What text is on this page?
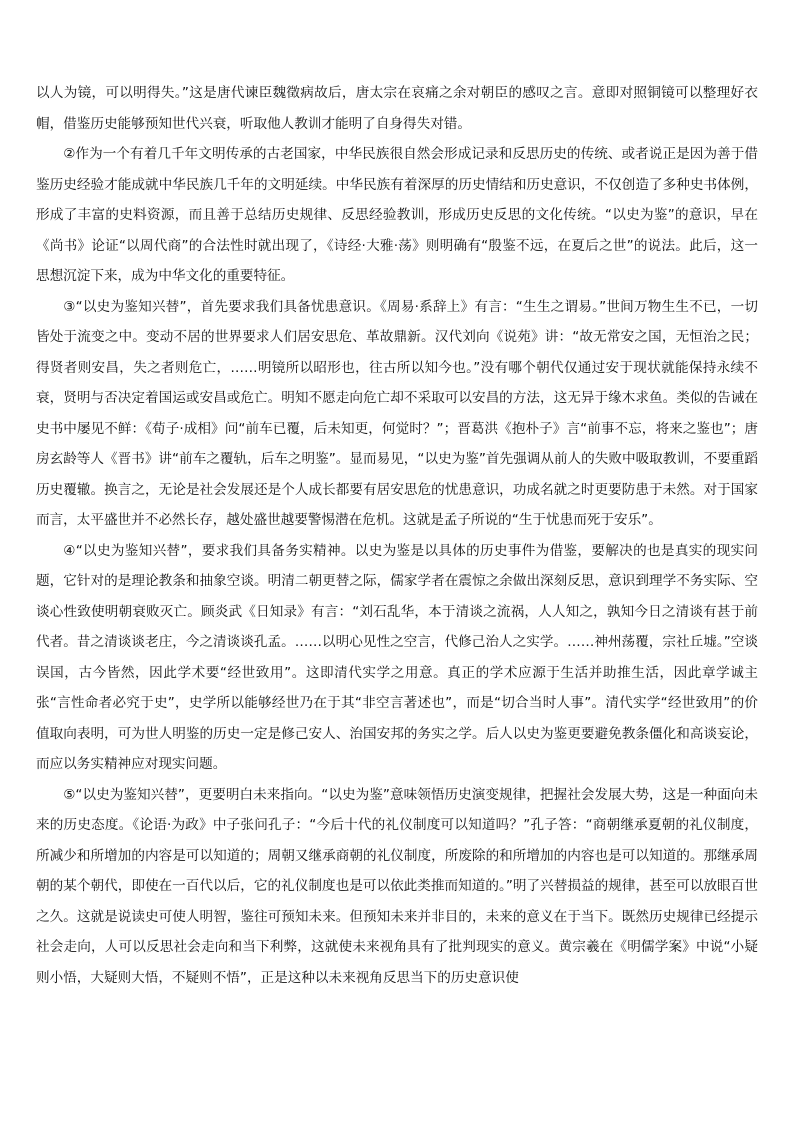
以人为镜，可以明得失。”这是唐代谏臣魏徵病故后，唐太宗在哀痛之余对朝臣的感叹之言。意即对照铜镜可以整理好衣帽，借鉴历史能够预知世代兴衰，听取他人教训才能明了自身得失对错。

②作为一个有着几千年文明传承的古老国家，中华民族很自然会形成记录和反思历史的传统、或者说正是因为善于借鉴历史经验才能成就中华民族几千年的文明延续。中华民族有着深厚的历史情结和历史意识，不仅创造了多种史书体例，形成了丰富的史料资源，而且善于总结历史规律、反思经验教训，形成历史反思的文化传统。“以史为鉴”的意识，早在《尚书》论证“以周代商”的合法性时就出现了，《诗经·大雅·荡》则明确有“殷鉴不远，在夏后之世”的说法。此后，这一思想沉淀下来，成为中华文化的重要特征。

③“以史为鉴知兴替”，首先要求我们具备忧患意识。《周易·系辞上》有言：“生生之谓易。”世间万物生生不已，一切皆处于流变之中。变动不居的世界要求人们居安思危、革故鼎新。汉代刘向《说苑》讲：“故无常安之国，无恒治之民；得贤者则安昌，失之者则危亡，……明镜所以昭形也，往古所以知今也。”没有哪个朝代仅通过安于现状就能保持永续不衰，贤明与否决定着国运或安昌或危亡。明知不愿走向危亡却不采取可以安昌的方法，这无异于缘木求鱼。类似的告诫在史书中屡见不鲜：《荀子·成相》问“前车已覆，后未知更，何觉时？”；晋葛洪《抱朴子》言“前事不忘，将来之鉴也”；唐房玄龄等人《晋书》讲“前车之覆轨，后车之明鉴”。显而易见，“以史为鉴”首先强调从前人的失败中吸取教训，不要重蹈历史覆辙。换言之，无论是社会发展还是个人成长都要有居安思危的忧患意识，功成名就之时更要防患于未然。对于国家而言，太平盛世并不必然长存，越处盛世越要警惕潜在危机。这就是孟子所说的“生于忧患而死于安乐”。

④“以史为鉴知兴替”，要求我们具备务实精神。以史为鉴是以具体的历史事件为借鉴，要解决的也是真实的现实问题，它针对的是理论教条和抽象空谈。明清二朝更替之际，儒家学者在震惊之余做出深刻反思，意识到理学不务实际、空谈心性致使明朝衰败灭亡。顾炎武《日知录》有言：“刘石乱华，本于清谈之流祸，人人知之，孰知今日之清谈有甚于前代者。昔之清谈谈老庄，今之清谈谈孔孟。……以明心见性之空言，代修己治人之实学。……神州荡覆，宗社丘墟。”空谈误国，古今皆然，因此学术要“经世致用”。这即清代实学之用意。真正的学术应源于生活并助推生活，因此章学诚主张“言性命者必究于史”，史学所以能够经世乃在于其“非空言著述也”，而是“切合当时人事”。清代实学“经世致用”的价值取向表明，可为世人明鉴的历史一定是修己安人、治国安邦的务实之学。后人以史为鉴更要避免教条僵化和高谈妄论，而应以务实精神应对现实问题。

⑤“以史为鉴知兴替”，更要明白未来指向。“以史为鉴”意味领悟历史演变规律，把握社会发展大势，这是一种面向未来的历史态度。《论语·为政》中子张问孔子：“今后十代的礼仪制度可以知道吗？”孔子答：“商朝继承夏朝的礼仪制度，所减少和所增加的内容是可以知道的；周朝又继承商朝的礼仪制度，所废除的和所增加的内容也是可以知道的。那继承周朝的某个朝代，即使在一百代以后，它的礼仪制度也是可以依此类推而知道的。”明了兴替损益的规律，甚至可以放眼百世之久。这就是说读史可使人明智，鉴往可预知未来。但预知未来并非目的，未来的意义在于当下。既然历史规律已经提示社会走向，人可以反思社会走向和当下利弊，这就使未来视角具有了批判现实的意义。黄宗羲在《明儒学案》中说“小疑则小悟，大疑则大悟，不疑则不悟”，正是这种以未来视角反思当下的历史意识使
